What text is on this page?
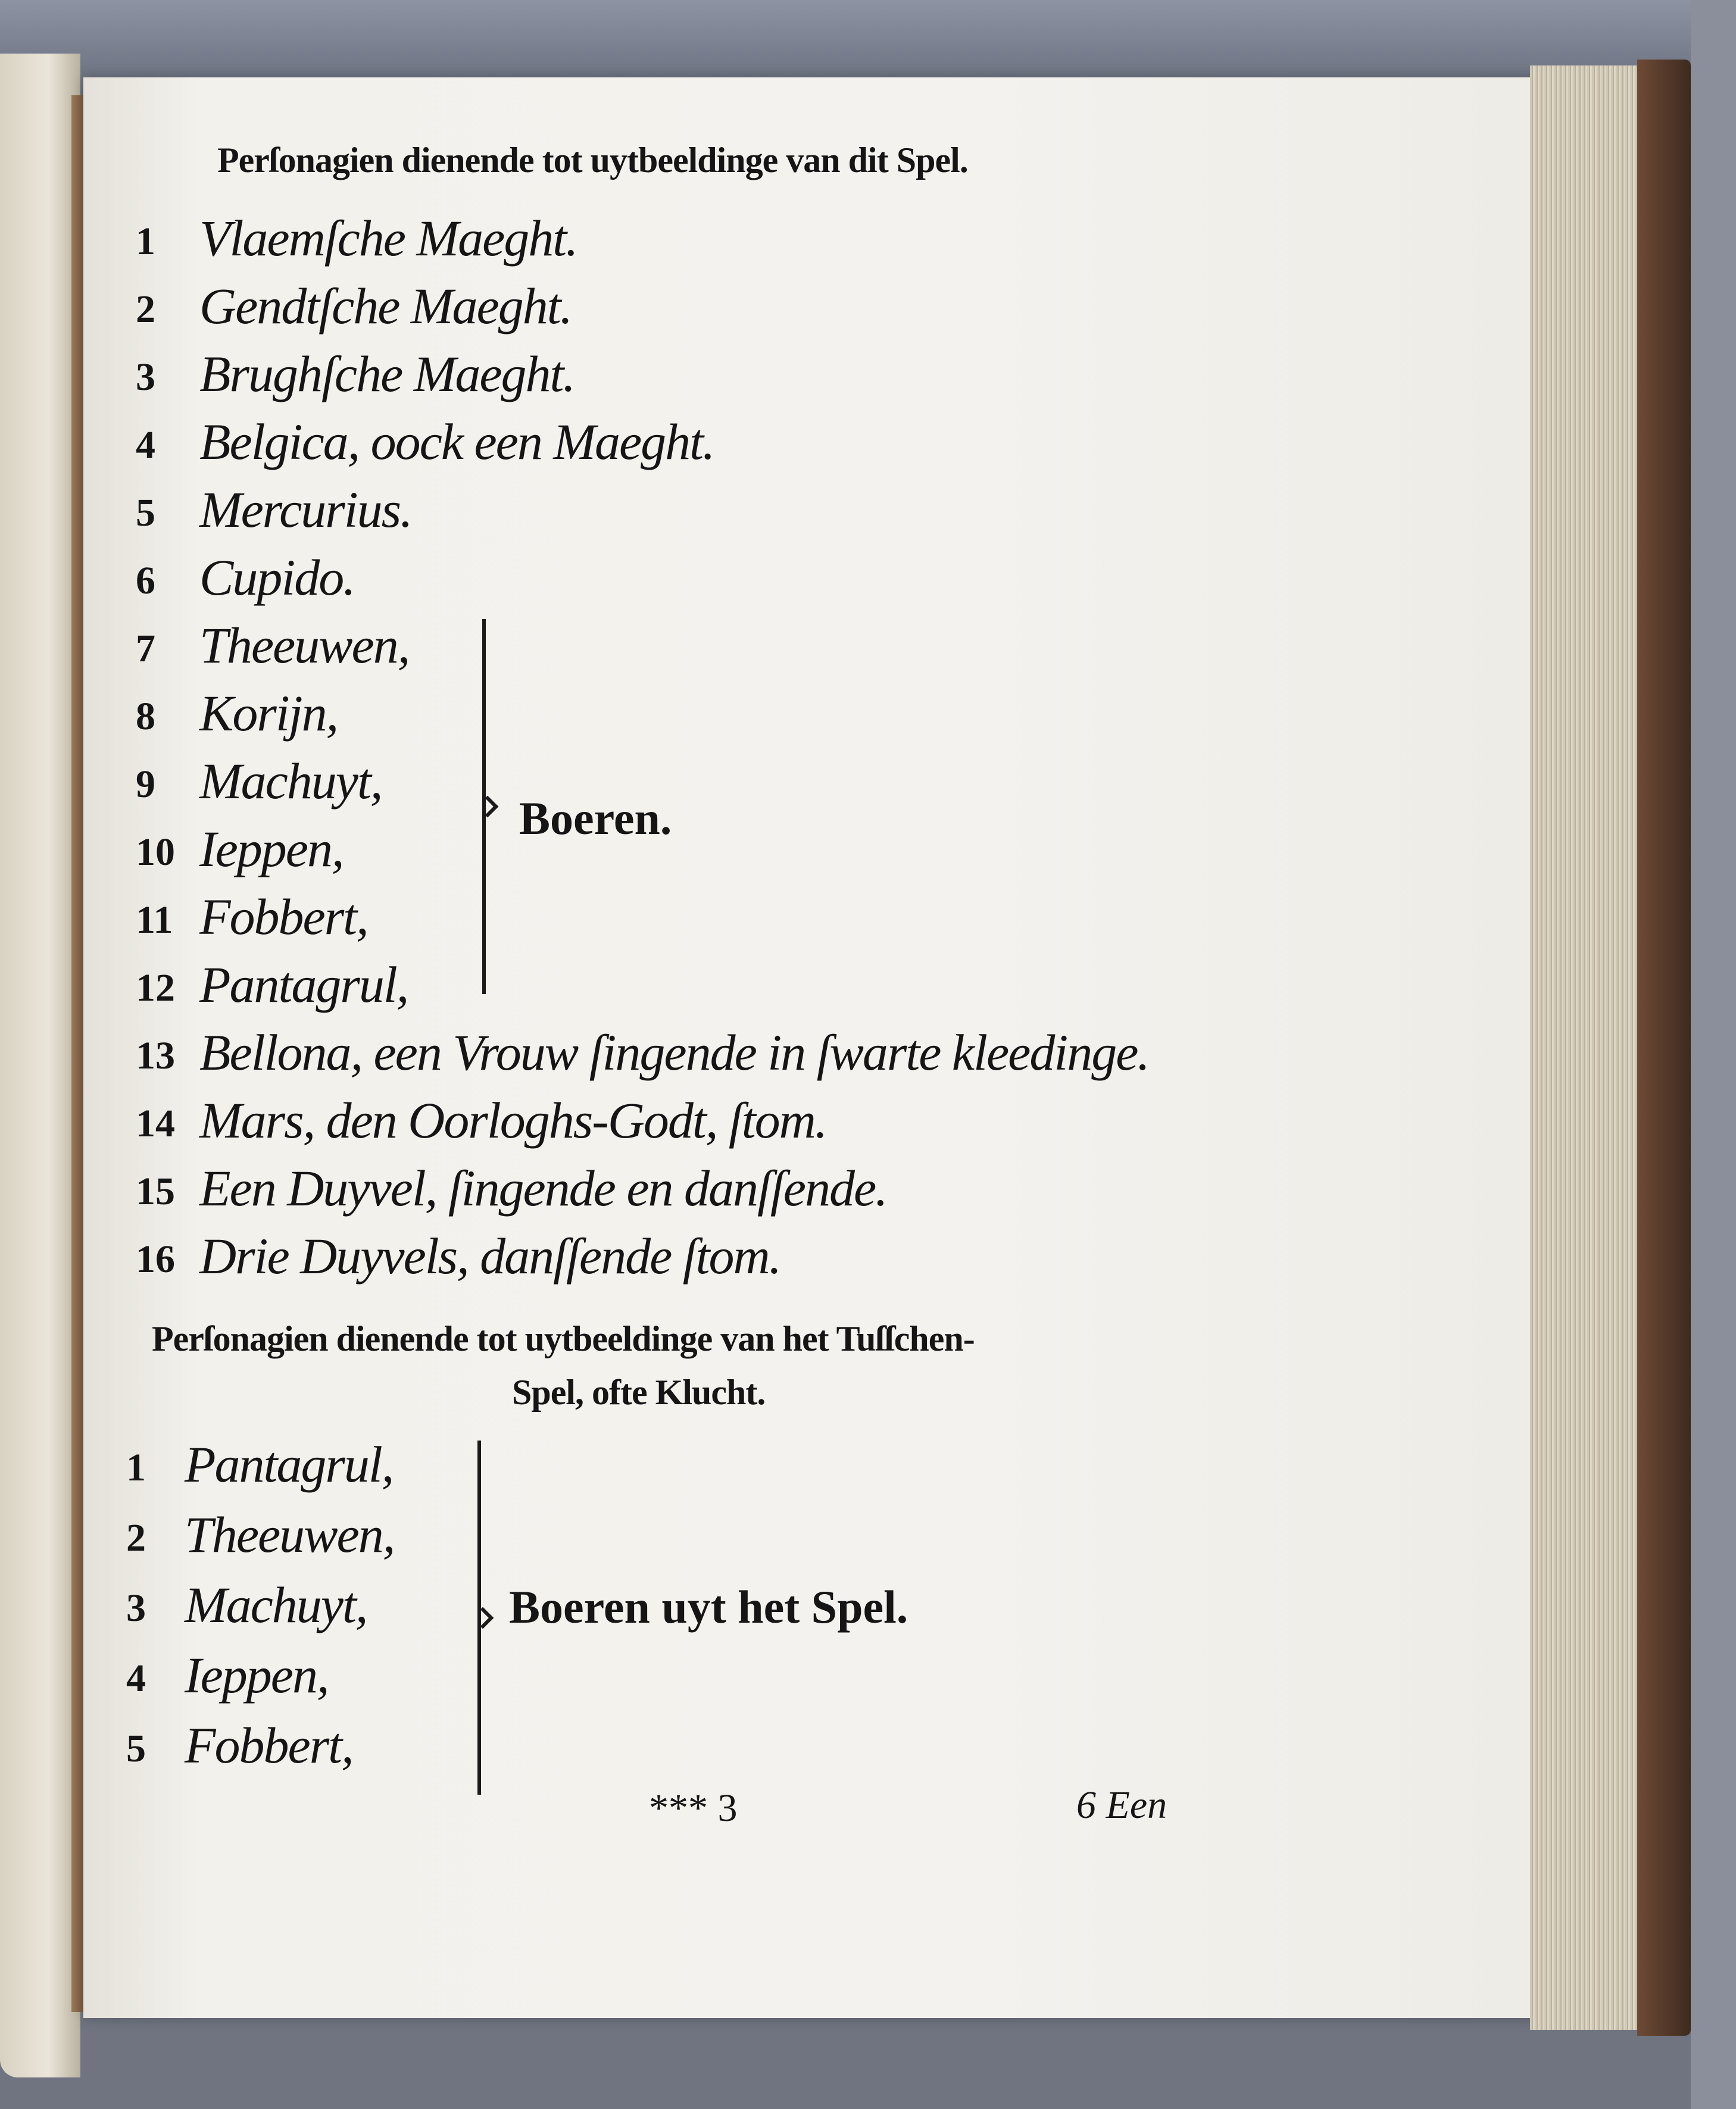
Perſonagien dienende tot uytbeeldinge van dit Spel.
1 Vlaemſche Maeght.
2 Gendtſche Maeght.
3 Brughſche Maeght.
4 Belgica, oock een Maeght.
5 Mercurius.
6 Cupido.
7 Theeuwen,
8 Korijn,
9 Machuyt,
10 Ieppen,
11 Fobbert,
12 Pantagrul,
13 Bellona, een Vrouw ſingende in ſwarte kleedinge.
14 Mars, den Oorloghs-Godt, ſtom.
15 Een Duyvel, ſingende en danſſende.
16 Drie Duyvels, danſſende ſtom.
Boeren.
Perſonagien dienende tot uytbeeldinge van het Tuſſchen-
Spel, ofte Klucht.
1 Pantagrul,
2 Theeuwen,
3 Machuyt,
4 Ieppen,
5 Fobbert,
Boeren uyt het Spel.
*** 3	6 Een
